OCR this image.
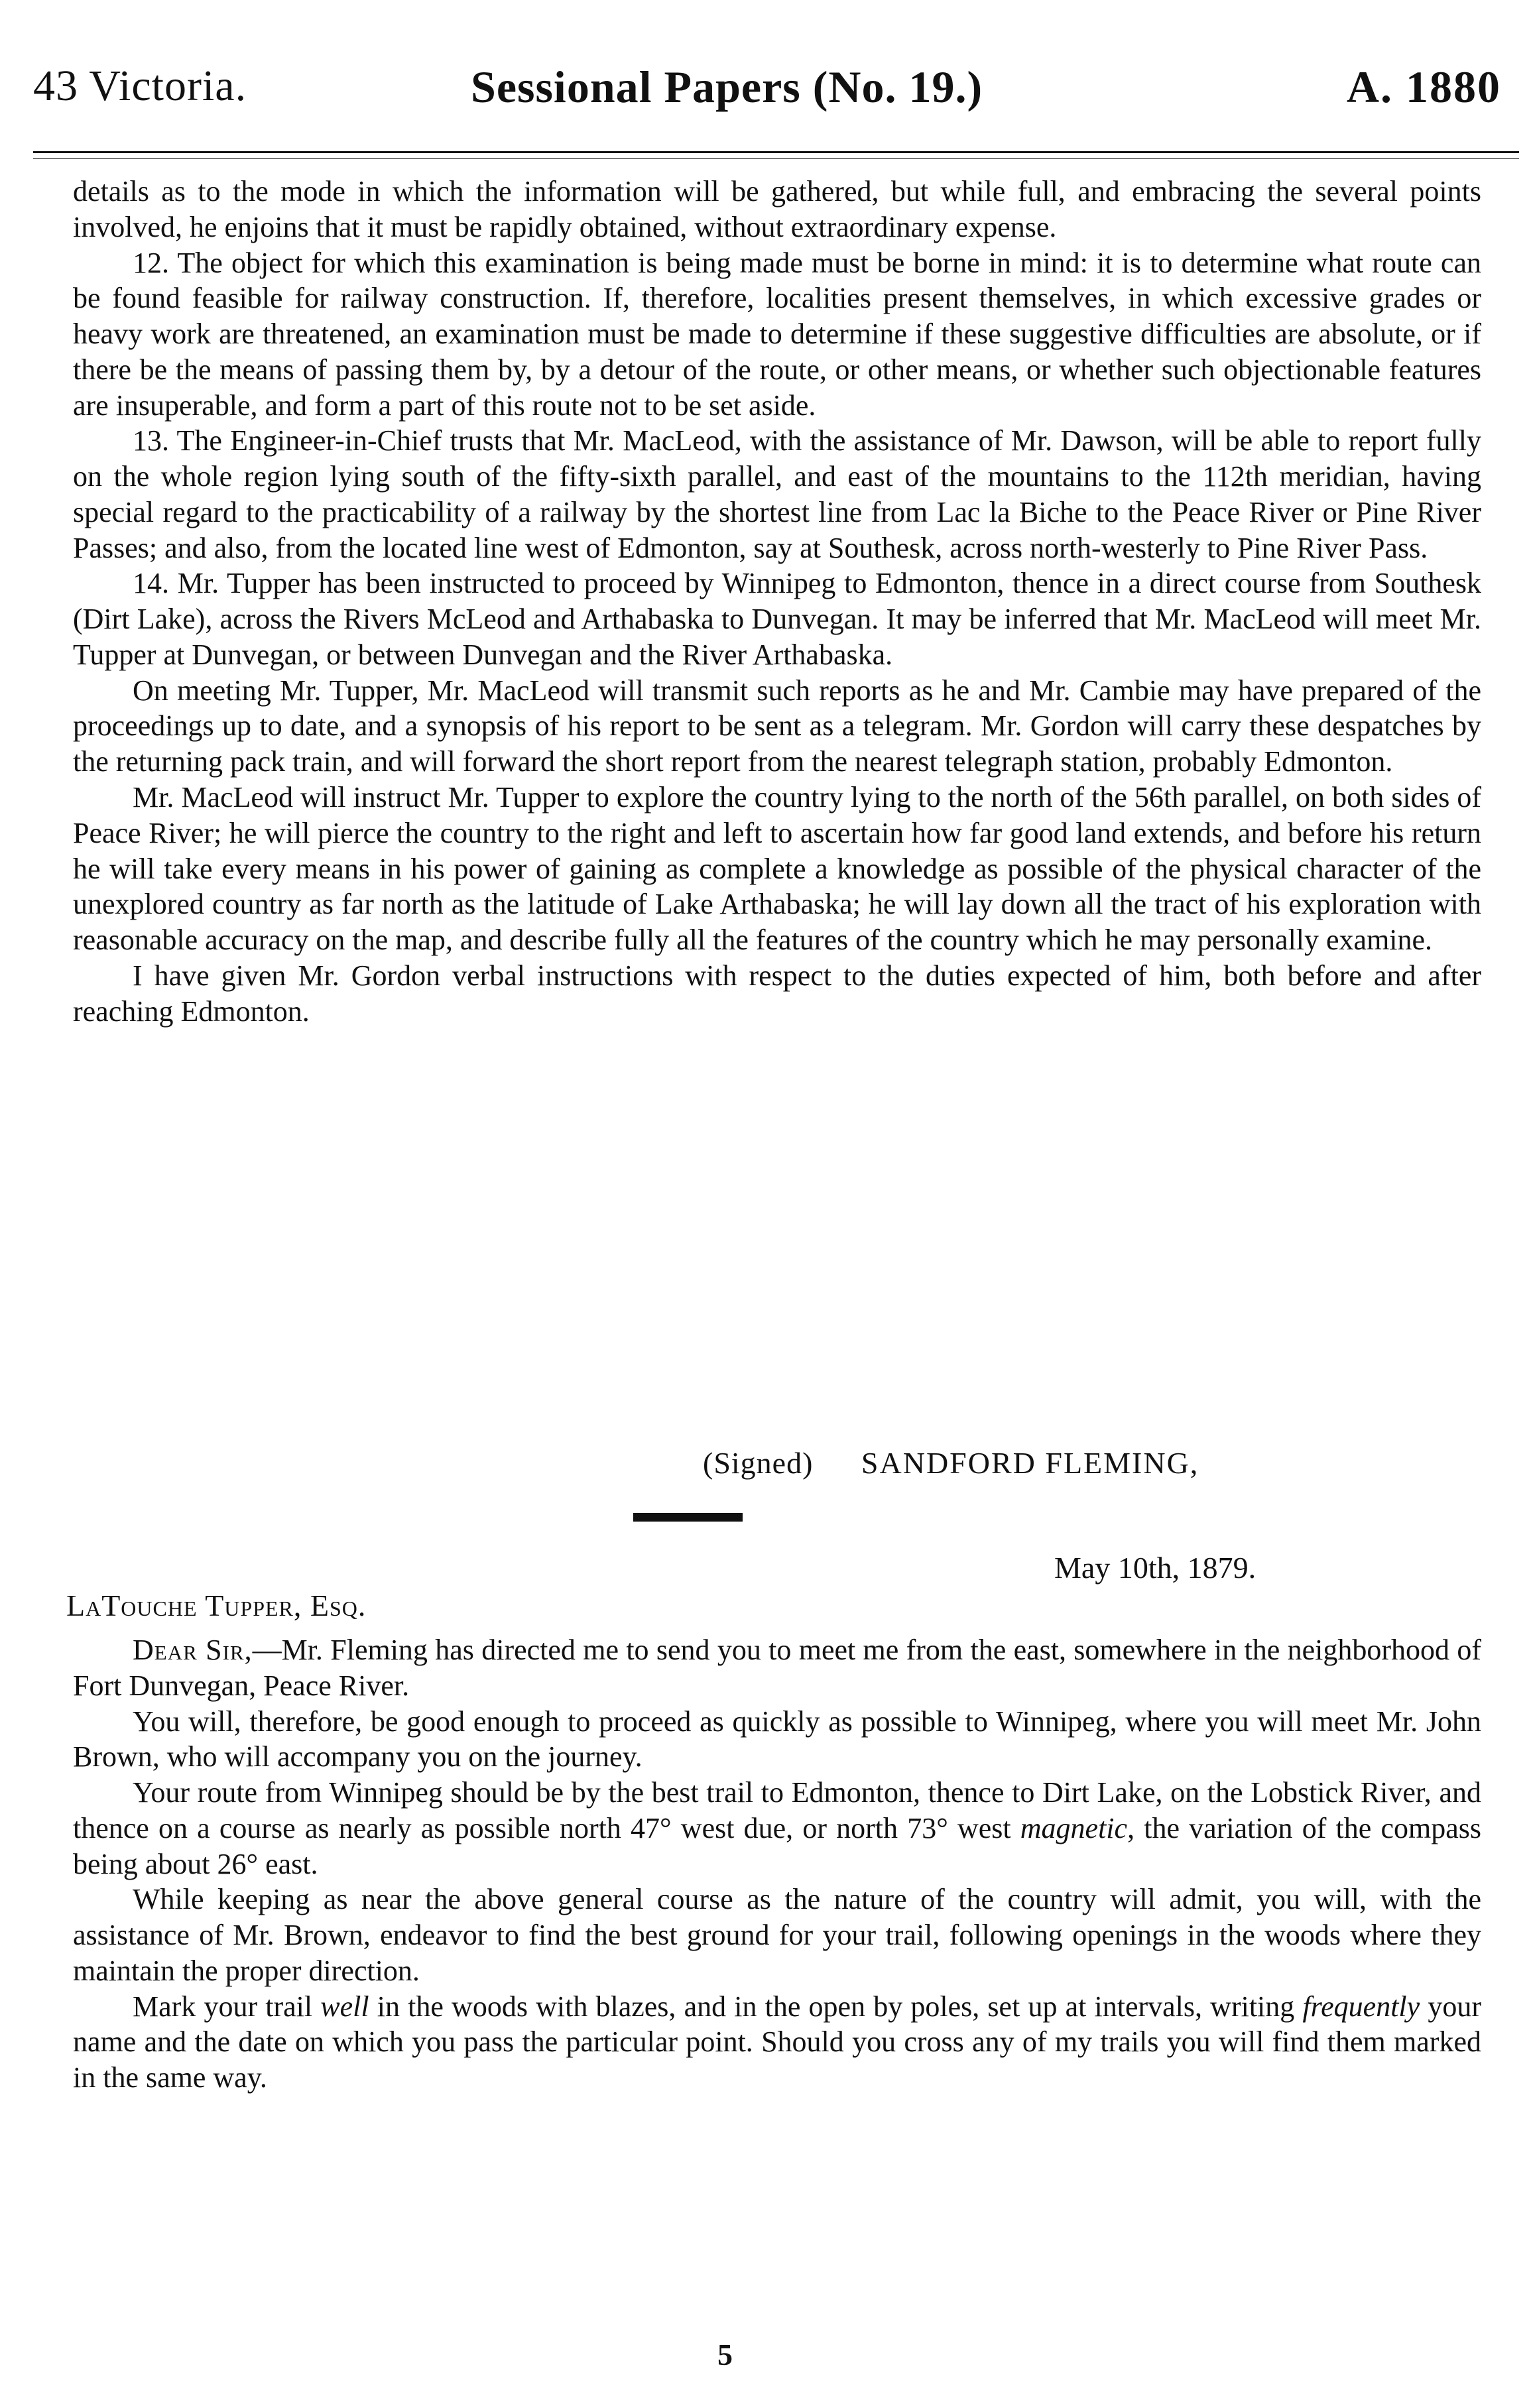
43 Victoria.	Sessional Papers (No. 19.)	A. 1880

details as to the mode in which the information will be gathered, but while full, and embracing the several points involved, he enjoins that it must be rapidly obtained, without extraordinary expense.

12. The object for which this examination is being made must be borne in mind: it is to determine what route can be found feasible for railway construction. If, therefore, localities present themselves, in which excessive grades or heavy work are threatened, an examination must be made to determine if these suggestive difficulties are absolute, or if there be the means of passing them by, by a detour of the route, or other means, or whether such objectionable features are insuperable, and form a part of this route not to be set aside.

13. The Engineer-in-Chief trusts that Mr. MacLeod, with the assistance of Mr. Dawson, will be able to report fully on the whole region lying south of the fifty-sixth parallel, and east of the mountains to the 112th meridian, having special regard to the practicability of a railway by the shortest line from Lac la Biche to the Peace River or Pine River Passes; and also, from the located line west of Edmonton, say at Southesk, across north-westerly to Pine River Pass.

14. Mr. Tupper has been instructed to proceed by Winnipeg to Edmonton, thence in a direct course from Southesk (Dirt Lake), across the Rivers McLeod and Arthabaska to Dunvegan. It may be inferred that Mr. MacLeod will meet Mr. Tupper at Dunvegan, or between Dunvegan and the River Arthabaska.

On meeting Mr. Tupper, Mr. MacLeod will transmit such reports as he and Mr. Cambie may have prepared of the proceedings up to date, and a synopsis of his report to be sent as a telegram. Mr. Gordon will carry these despatches by the returning pack train, and will forward the short report from the nearest telegraph station, probably Edmonton.

Mr. MacLeod will instruct Mr. Tupper to explore the country lying to the north of the 56th parallel, on both sides of Peace River; he will pierce the country to the right and left to ascertain how far good land extends, and before his return he will take every means in his power of gaining as complete a knowledge as possible of the physical character of the unexplored country as far north as the latitude of Lake Arthabaska; he will lay down all the tract of his exploration with reasonable accuracy on the map, and describe fully all the features of the country which he may personally examine.

I have given Mr. Gordon verbal instructions with respect to the duties expected of him, both before and after reaching Edmonton.

(Signed) SANDFORD FLEMING,
May 10th, 1879.
LaTouche Tupper, Esq.

Dear Sir,—Mr. Fleming has directed me to send you to meet me from the east, somewhere in the neighborhood of Fort Dunvegan, Peace River.

You will, therefore, be good enough to proceed as quickly as possible to Winnipeg, where you will meet Mr. John Brown, who will accompany you on the journey.

Your route from Winnipeg should be by the best trail to Edmonton, thence to Dirt Lake, on the Lobstick River, and thence on a course as nearly as possible north 47° west due, or north 73° west magnetic, the variation of the compass being about 26° east.

While keeping as near the above general course as the nature of the country will admit, you will, with the assistance of Mr. Brown, endeavor to find the best ground for your trail, following openings in the woods where they maintain the proper direction.

Mark your trail well in the woods with blazes, and in the open by poles, set up at intervals, writing frequently your name and the date on which you pass the particular point. Should you cross any of my trails you will find them marked in the same way.

5
